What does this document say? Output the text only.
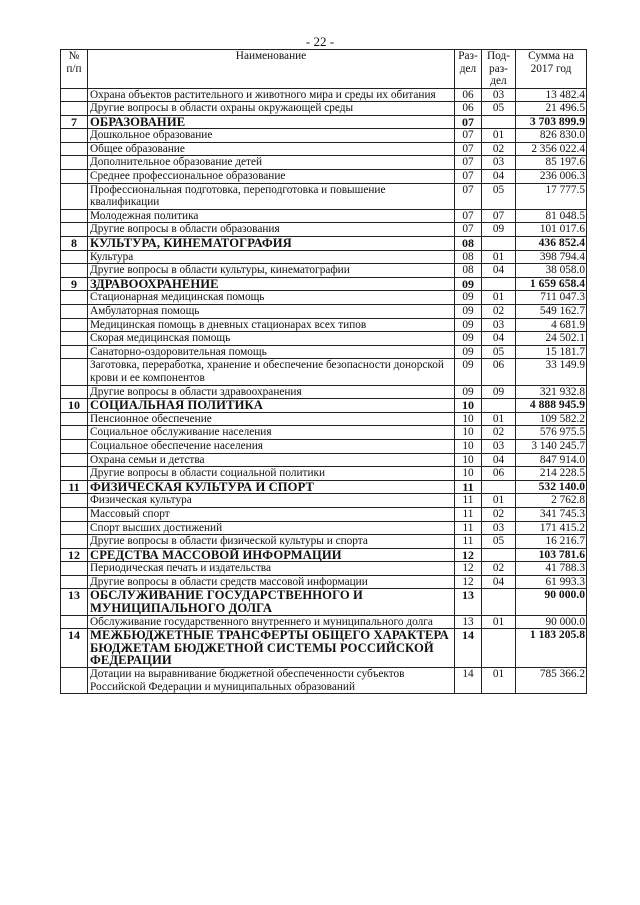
- 22 -
№ п/п	Наименование	Раз-дел	Под-раз-дел	Сумма на 2017 год
	Охрана объектов растительного и животного мира и среды их обитания	06	03	13 482.4
	Другие вопросы в области охраны окружающей среды	06	05	21 496.5
7	ОБРАЗОВАНИЕ	07		3 703 899.9
	Дошкольное образование	07	01	826 830.0
	Общее образование	07	02	2 356 022.4
	Дополнительное образование детей	07	03	85 197.6
	Среднее профессиональное образование	07	04	236 006.3
	Профессиональная подготовка, переподготовка и повышение квалификации	07	05	17 777.5
	Молодежная политика	07	07	81 048.5
	Другие вопросы в области образования	07	09	101 017.6
8	КУЛЬТУРА, КИНЕМАТОГРАФИЯ	08		436 852.4
	Культура	08	01	398 794.4
	Другие вопросы в области культуры, кинематографии	08	04	38 058.0
9	ЗДРАВООХРАНЕНИЕ	09		1 659 658.4
	Стационарная медицинская помощь	09	01	711 047.3
	Амбулаторная помощь	09	02	549 162.7
	Медицинская помощь в дневных стационарах всех типов	09	03	4 681.9
	Скорая медицинская помощь	09	04	24 502.1
	Санаторно-оздоровительная помощь	09	05	15 181.7
	Заготовка, переработка, хранение и обеспечение безопасности донорской крови и ее компонентов	09	06	33 149.9
	Другие вопросы в области здравоохранения	09	09	321 932.8
10	СОЦИАЛЬНАЯ ПОЛИТИКА	10		4 888 945.9
	Пенсионное обеспечение	10	01	109 582.2
	Социальное обслуживание населения	10	02	576 975.5
	Социальное обеспечение населения	10	03	3 140 245.7
	Охрана семьи и детства	10	04	847 914.0
	Другие вопросы в области социальной политики	10	06	214 228.5
11	ФИЗИЧЕСКАЯ КУЛЬТУРА И СПОРТ	11		532 140.0
	Физическая культура	11	01	2 762.8
	Массовый спорт	11	02	341 745.3
	Спорт высших достижений	11	03	171 415.2
	Другие вопросы в области физической культуры и спорта	11	05	16 216.7
12	СРЕДСТВА МАССОВОЙ ИНФОРМАЦИИ	12		103 781.6
	Периодическая печать и издательства	12	02	41 788.3
	Другие вопросы в области средств массовой информации	12	04	61 993.3
13	ОБСЛУЖИВАНИЕ ГОСУДАРСТВЕННОГО И МУНИЦИПАЛЬНОГО ДОЛГА	13		90 000.0
	Обслуживание государственного внутреннего и муниципального долга	13	01	90 000.0
14	МЕЖБЮДЖЕТНЫЕ ТРАНСФЕРТЫ ОБЩЕГО ХАРАКТЕРА БЮДЖЕТАМ БЮДЖЕТНОЙ СИСТЕМЫ РОССИЙСКОЙ ФЕДЕРАЦИИ	14		1 183 205.8
	Дотации на выравнивание бюджетной обеспеченности субъектов Российской Федерации и муниципальных образований	14	01	785 366.2
